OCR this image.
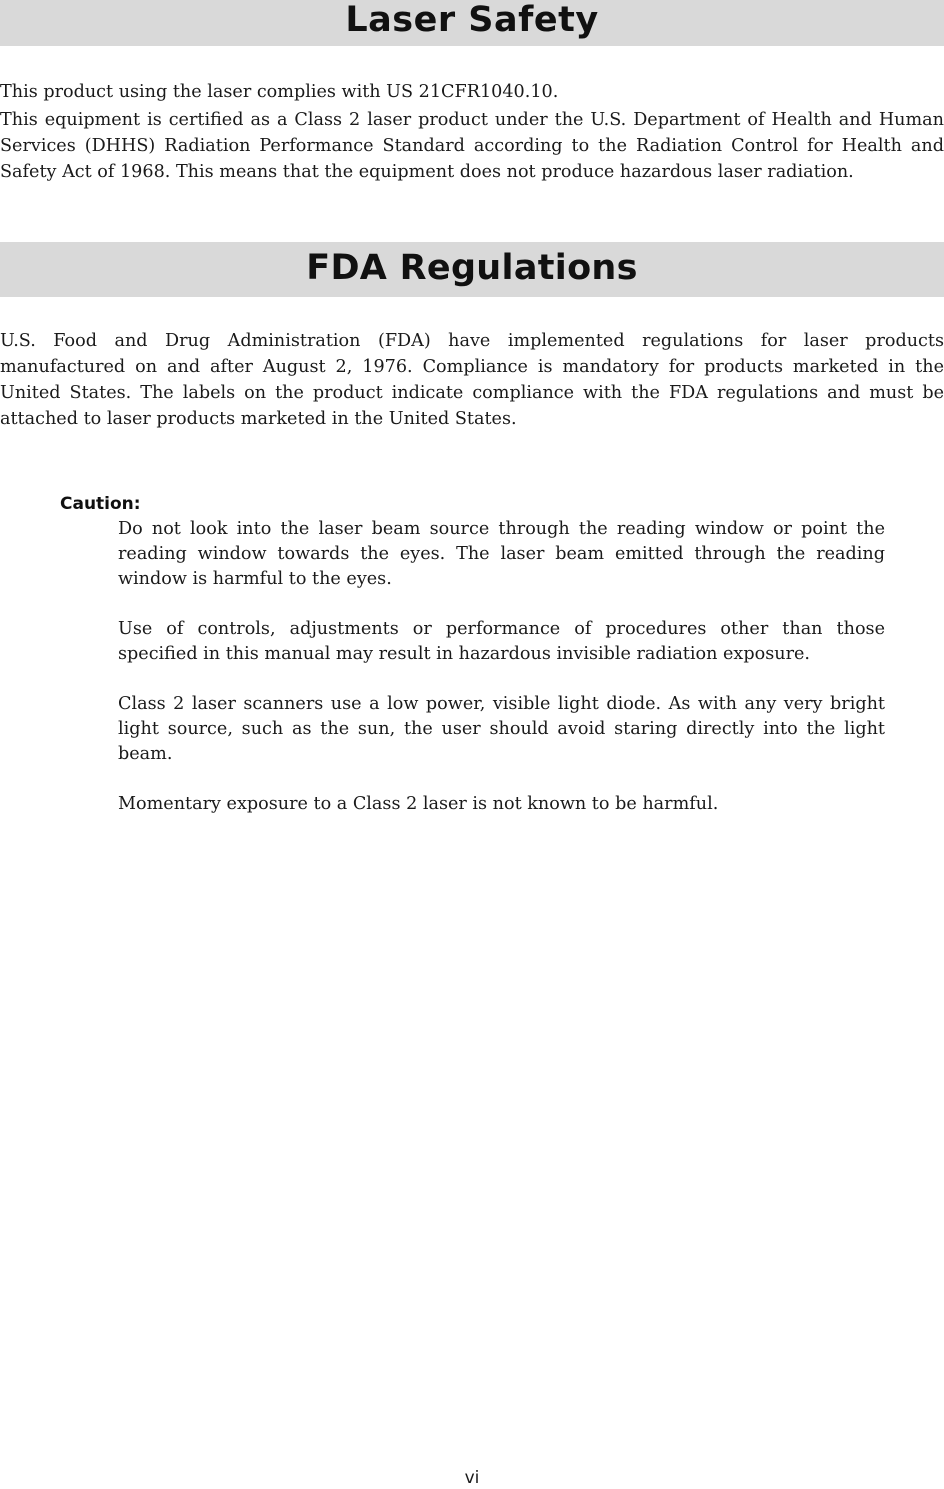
Laser Safety

This product using the laser complies with US 21CFR1040.10.

This equipment is certified as a Class 2 laser product under the U.S. Department of Health and Human Services (DHHS) Radiation Performance Standard according to the Radiation Control for Health and Safety Act of 1968. This means that the equipment does not produce hazardous laser radiation.

FDA Regulations

U.S. Food and Drug Administration (FDA) have implemented regulations for laser products manufactured on and after August 2, 1976. Compliance is mandatory for products marketed in the United States. The labels on the product indicate compliance with the FDA regulations and must be attached to laser products marketed in the United States.

Caution:

Do not look into the laser beam source through the reading window or point the reading window towards the eyes. The laser beam emitted through the reading window is harmful to the eyes.

Use of controls, adjustments or performance of procedures other than those specified in this manual may result in hazardous invisible radiation exposure.

Class 2 laser scanners use a low power, visible light diode. As with any very bright light source, such as the sun, the user should avoid staring directly into the light beam.

Momentary exposure to a Class 2 laser is not known to be harmful.

vi
